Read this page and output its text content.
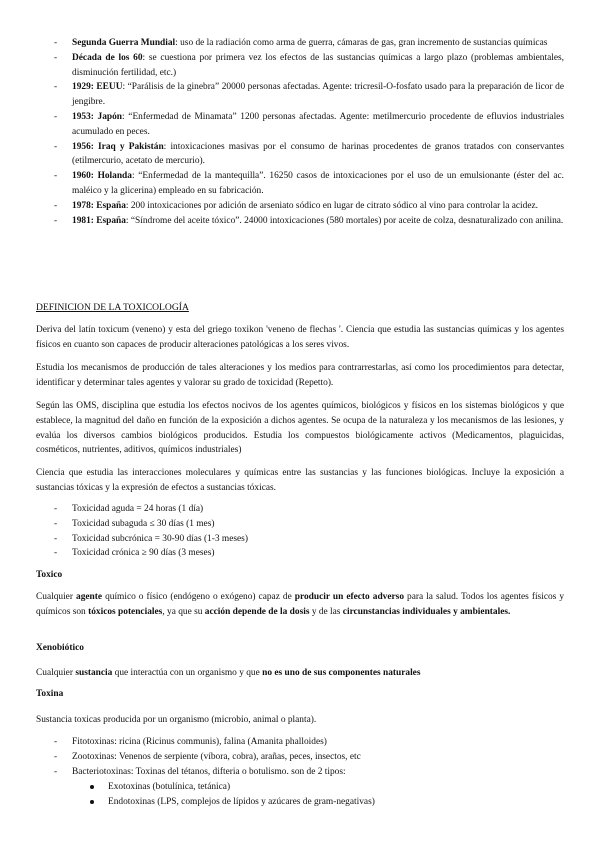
- Segunda Guerra Mundial: uso de la radiación como arma de guerra, cámaras de gas, gran incremento de sustancias químicas
- Década de los 60: se cuestiona por primera vez los efectos de las sustancias químicas a largo plazo (problemas ambientales, disminución fertilidad, etc.)
- 1929: EEUU: “Parálisis de la ginebra” 20000 personas afectadas. Agente: tricresil-O-fosfato usado para la preparación de licor de jengibre.
- 1953: Japón: “Enfermedad de Minamata” 1200 personas afectadas. Agente: metilmercurio procedente de efluvios industriales acumulado en peces.
- 1956: Iraq y Pakistán: intoxicaciones masivas por el consumo de harinas procedentes de granos tratados con conservantes (etilmercurio, acetato de mercurio).
- 1960: Holanda: “Enfermedad de la mantequilla”. 16250 casos de intoxicaciones por el uso de un emulsionante (éster del ac. maléico y la glicerina) empleado en su fabricación.
- 1978: España: 200 intoxicaciones por adición de arseniato sódico en lugar de citrato sódico al vino para controlar la acidez.
- 1981: España: “Síndrome del aceite tóxico”. 24000 intoxicaciones (580 mortales) por aceite de colza, desnaturalizado con anilina.
DEFINICION DE LA TOXICOLOGÍA
Deriva del latín toxicum (veneno) y esta del griego toxikon 'veneno de flechas '. Ciencia que estudia las sustancias químicas y los agentes físicos en cuanto son capaces de producir alteraciones patológicas a los seres vivos.
Estudia los mecanismos de producción de tales alteraciones y los medios para contrarrestarlas, así como los procedimientos para detectar, identificar y determinar tales agentes y valorar su grado de toxicidad (Repetto).
Según las OMS, disciplina que estudia los efectos nocivos de los agentes químicos, biológicos y físicos en los sistemas biológicos y que establece, la magnitud del daño en función de la exposición a dichos agentes. Se ocupa de la naturaleza y los mecanismos de las lesiones, y evalúa los diversos cambios biológicos producidos. Estudia los compuestos biológicamente activos (Medicamentos, plaguicidas, cosméticos, nutrientes, aditivos, químicos industriales)
Ciencia que estudia las interacciones moleculares y químicas entre las sustancias y las funciones biológicas. Incluye la exposición a sustancias tóxicas y la expresión de efectos a sustancias tóxicas.
- Toxicidad aguda = 24 horas (1 día)
- Toxicidad subaguda ≤ 30 días (1 mes)
- Toxicidad subcrónica = 30-90 días (1-3 meses)
- Toxicidad crónica ≥ 90 días (3 meses)
Toxico
Cualquier agente químico o físico (endógeno o exógeno) capaz de producir un efecto adverso para la salud. Todos los agentes físicos y químicos son tóxicos potenciales, ya que su acción depende de la dosis y de las circunstancias individuales y ambientales.
Xenobiótico
Cualquier sustancia que interactúa con un organismo y que no es uno de sus componentes naturales
Toxina
Sustancia toxicas producida por un organismo (microbio, animal o planta).
- Fitotoxinas: ricina (Ricinus communis), falina (Amanita phalloides)
- Zootoxinas: Venenos de serpiente (víbora, cobra), arañas, peces, insectos, etc
- Bacteriotoxinas: Toxinas del tétanos, difteria o botulismo. son de 2 tipos:
Exotoxinas (botulínica, tetánica)
Endotoxinas (LPS, complejos de lípidos y azúcares de gram-negativas)
